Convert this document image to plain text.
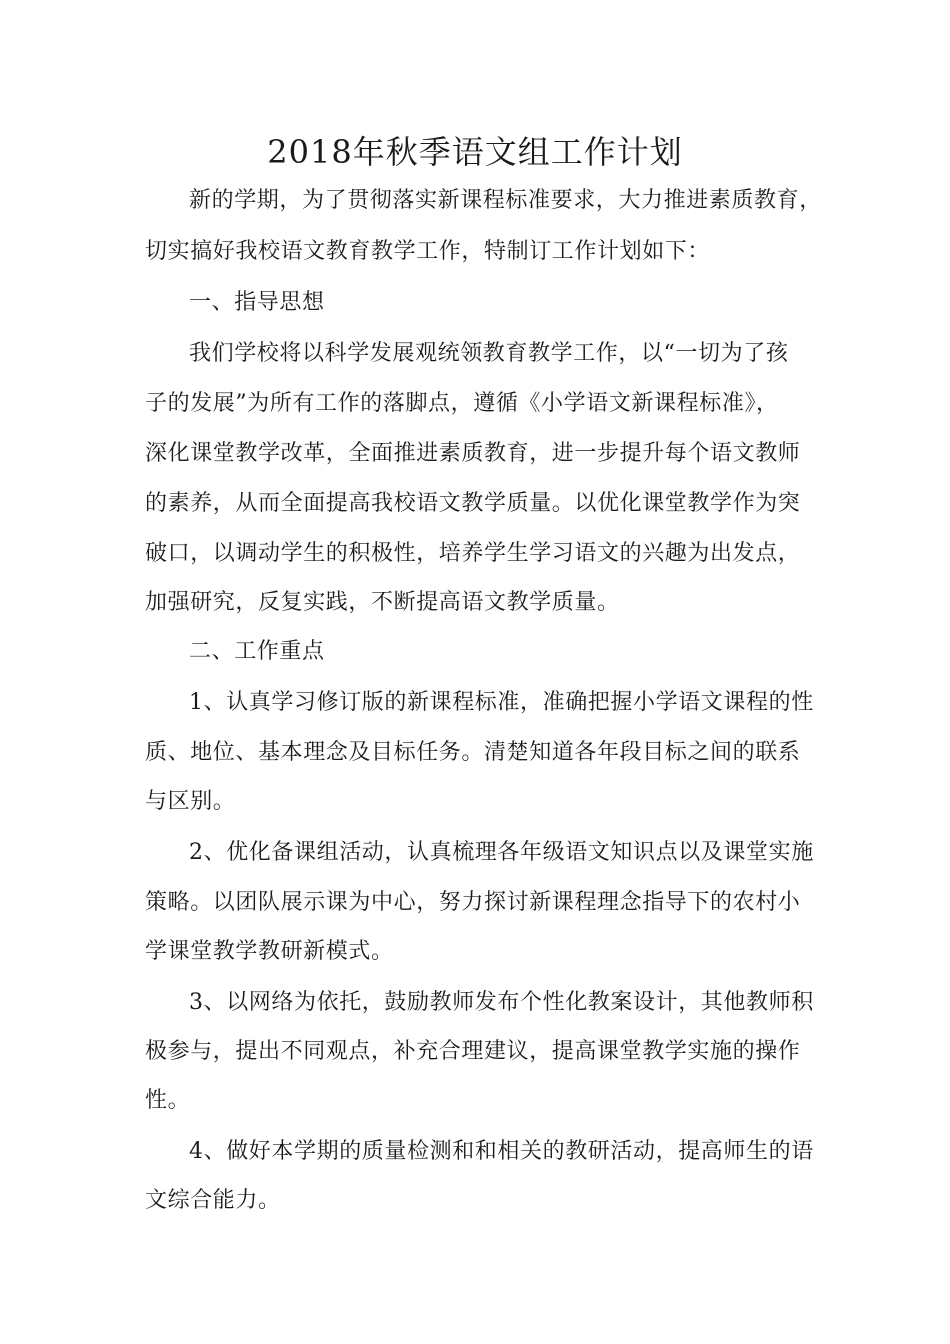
2018年秋季语文组工作计划
新的学期，为了贯彻落实新课程标准要求，大力推进素质教育，
切实搞好我校语文教育教学工作，特制订工作计划如下：
一、指导思想
我们学校将以科学发展观统领教育教学工作，以“一切为了孩
子的发展”为所有工作的落脚点，遵循《小学语文新课程标准》，
深化课堂教学改革，全面推进素质教育，进一步提升每个语文教师
的素养，从而全面提高我校语文教学质量。以优化课堂教学作为突
破口，以调动学生的积极性，培养学生学习语文的兴趣为出发点，
加强研究，反复实践，不断提高语文教学质量。
二、工作重点
1、认真学习修订版的新课程标准，准确把握小学语文课程的性
质、地位、基本理念及目标任务。清楚知道各年段目标之间的联系
与区别。
2、优化备课组活动，认真梳理各年级语文知识点以及课堂实施
策略。以团队展示课为中心，努力探讨新课程理念指导下的农村小
学课堂教学教研新模式。
3、以网络为依托，鼓励教师发布个性化教案设计，其他教师积
极参与，提出不同观点，补充合理建议，提高课堂教学实施的操作
性。
4、做好本学期的质量检测和和相关的教研活动，提高师生的语
文综合能力。
